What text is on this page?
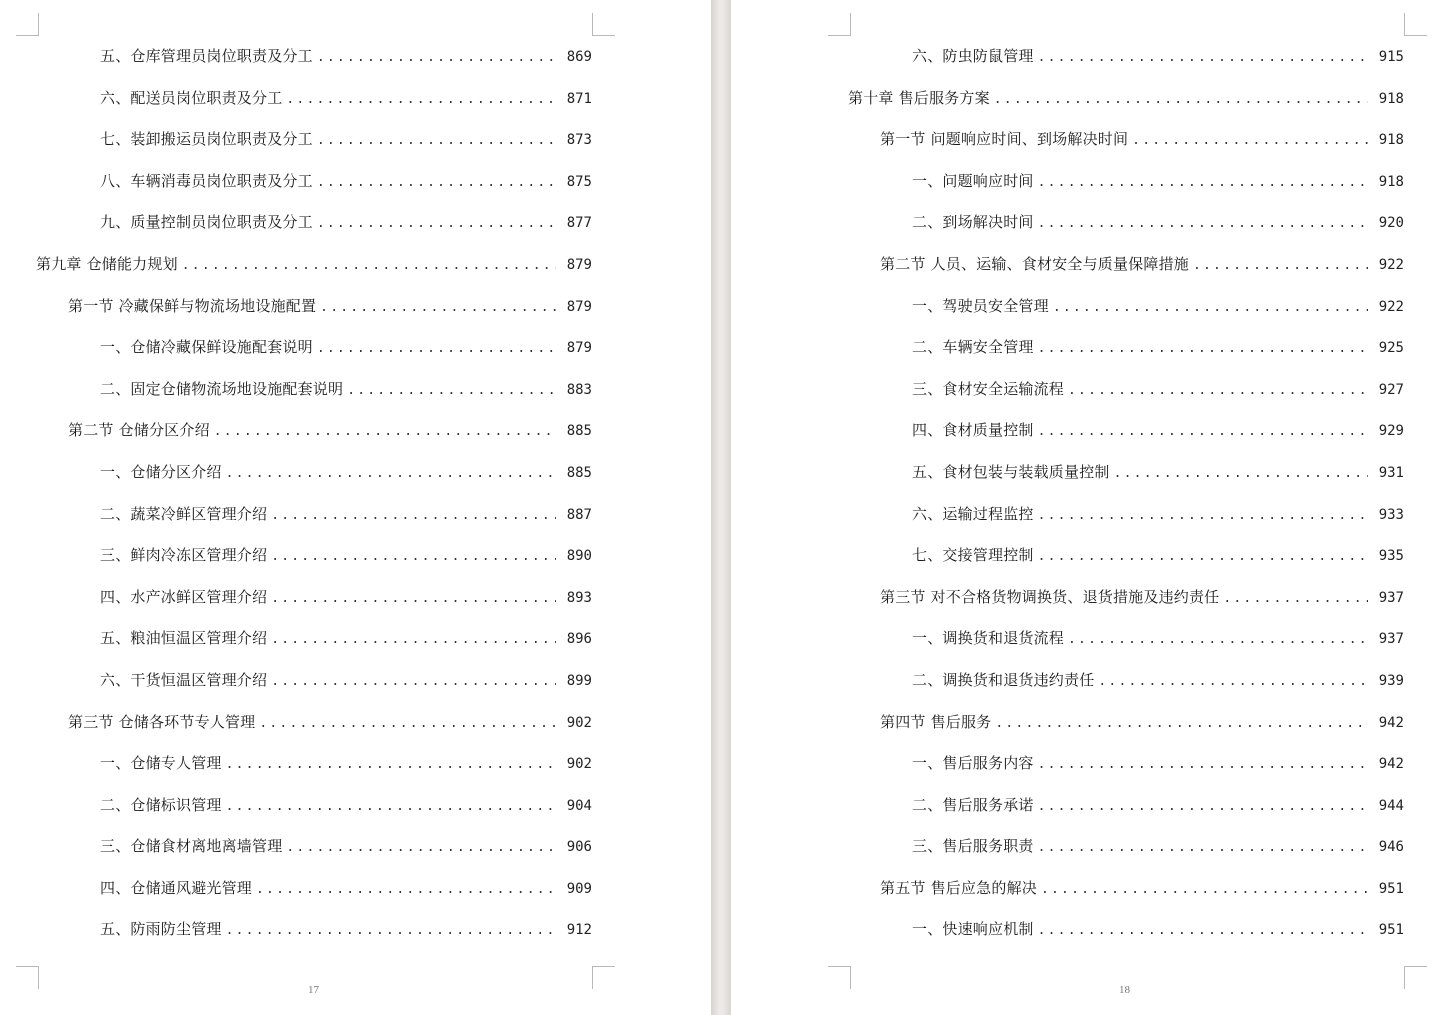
五、仓库管理员岗位职责及分工 .....	869
六、配送员岗位职责及分工 .....	871
七、装卸搬运员岗位职责及分工 .....	873
八、车辆消毒员岗位职责及分工 .....	875
九、质量控制员岗位职责及分工 .....	877
第九章 仓储能力规划 .....	879
第一节 冷藏保鲜与物流场地设施配置 .....	879
一、仓储冷藏保鲜设施配套说明 .....	879
二、固定仓储物流场地设施配套说明 .....	883
第二节 仓储分区介绍 .....	885
一、仓储分区介绍 .....	885
二、蔬菜冷鲜区管理介绍 .....	887
三、鲜肉冷冻区管理介绍 .....	890
四、水产冰鲜区管理介绍 .....	893
五、粮油恒温区管理介绍 .....	896
六、干货恒温区管理介绍 .....	899
第三节 仓储各环节专人管理 .....	902
一、仓储专人管理 .....	902
二、仓储标识管理 .....	904
三、仓储食材离地离墙管理 .....	906
四、仓储通风避光管理 .....	909
五、防雨防尘管理 .....	912
17
六、防虫防鼠管理 .....	915
第十章 售后服务方案 .....	918
第一节 问题响应时间、到场解决时间 .....	918
一、问题响应时间 .....	918
二、到场解决时间 .....	920
第二节 人员、运输、食材安全与质量保障措施 .....	922
一、驾驶员安全管理 .....	922
二、车辆安全管理 .....	925
三、食材安全运输流程 .....	927
四、食材质量控制 .....	929
五、食材包装与装载质量控制 .....	931
六、运输过程监控 .....	933
七、交接管理控制 .....	935
第三节 对不合格货物调换货、退货措施及违约责任 .....	937
一、调换货和退货流程 .....	937
二、调换货和退货违约责任 .....	939
第四节 售后服务 .....	942
一、售后服务内容 .....	942
二、售后服务承诺 .....	944
三、售后服务职责 .....	946
第五节 售后应急的解决 .....	951
一、快速响应机制 .....	951
18
